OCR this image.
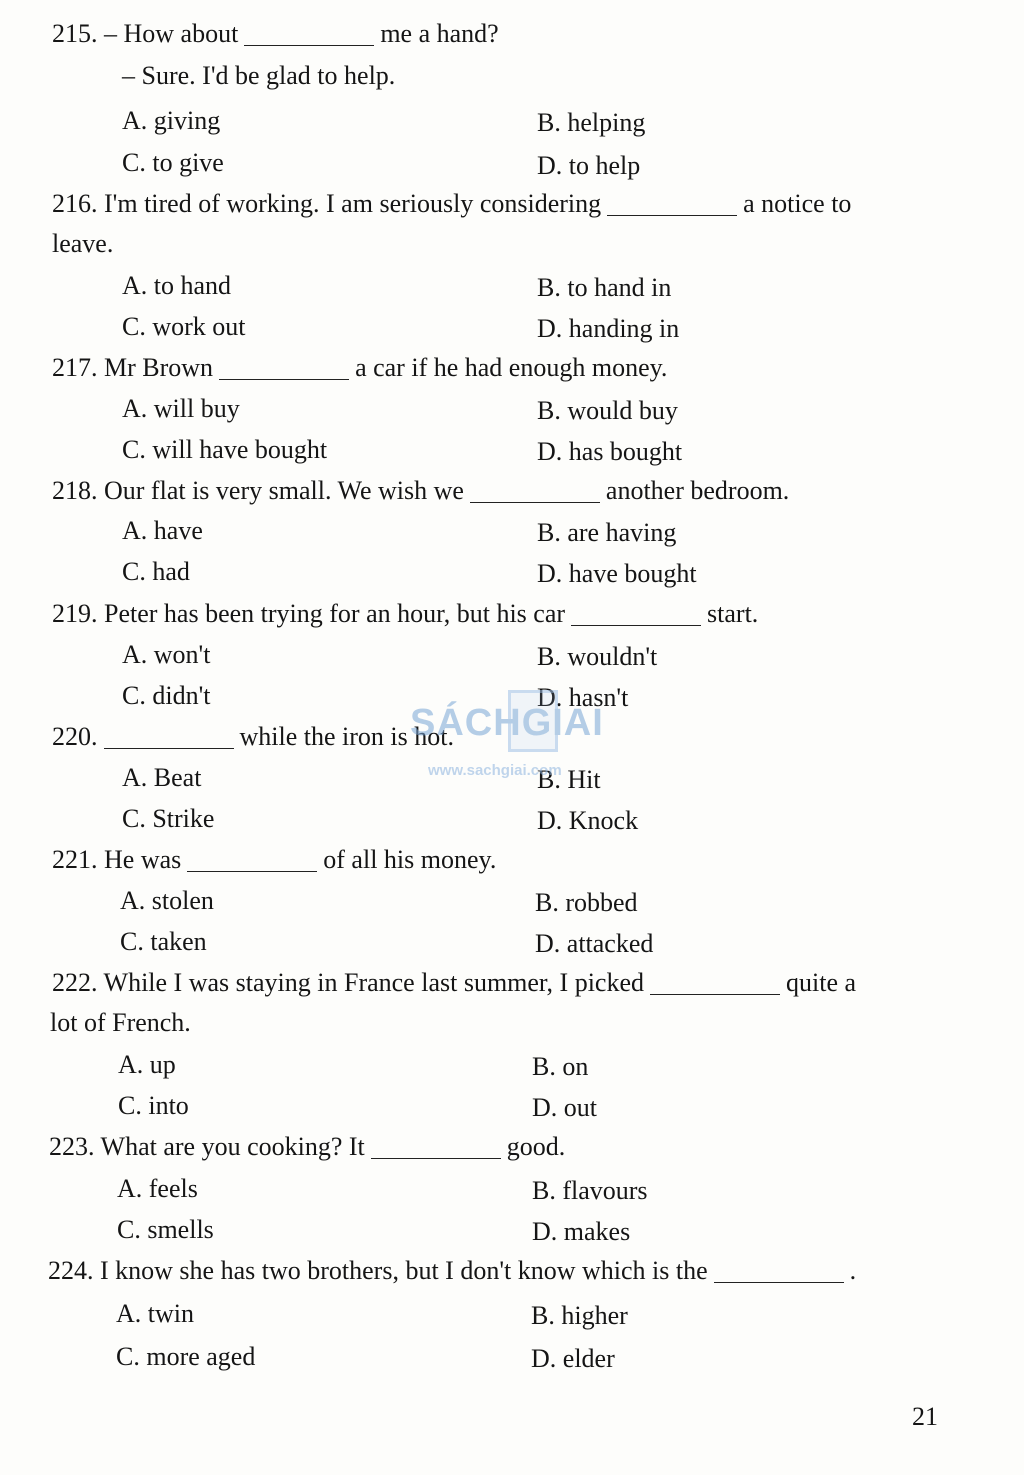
215. – How about	me a hand?
– Sure. I'd be glad to help.
A. giving	B. helping
C. to give	D. to help
216. I'm tired of working. I am seriously considering	a notice to
leave.
A. to hand	B. to hand in
C. work out	D. handing in
217. Mr Brown	a car if he had enough money.
A. will buy	B. would buy
C. will have bought	D. has bought
218. Our flat is very small. We wish we	another bedroom.
A. have	B. are having
C. had	D. have bought
219. Peter has been trying for an hour, but his car	start.
A. won't	B. wouldn't
C. didn't	D. hasn't
220.	while the iron is hot.
A. Beat	B. Hit
C. Strike	D. Knock
221. He was	of all his money.
A. stolen	B. robbed
C. taken	D. attacked
222. While I was staying in France last summer, I picked	quite a
lot of French.
A. up	B. on
C. into	D. out
223. What are you cooking? It	good.
A. feels	B. flavours
C. smells	D. makes
224. I know she has two brothers, but I don't know which is the	.
A. twin	B. higher
C. more aged	D. elder
SÁCHGIAI
www.sachgiai.com
21
